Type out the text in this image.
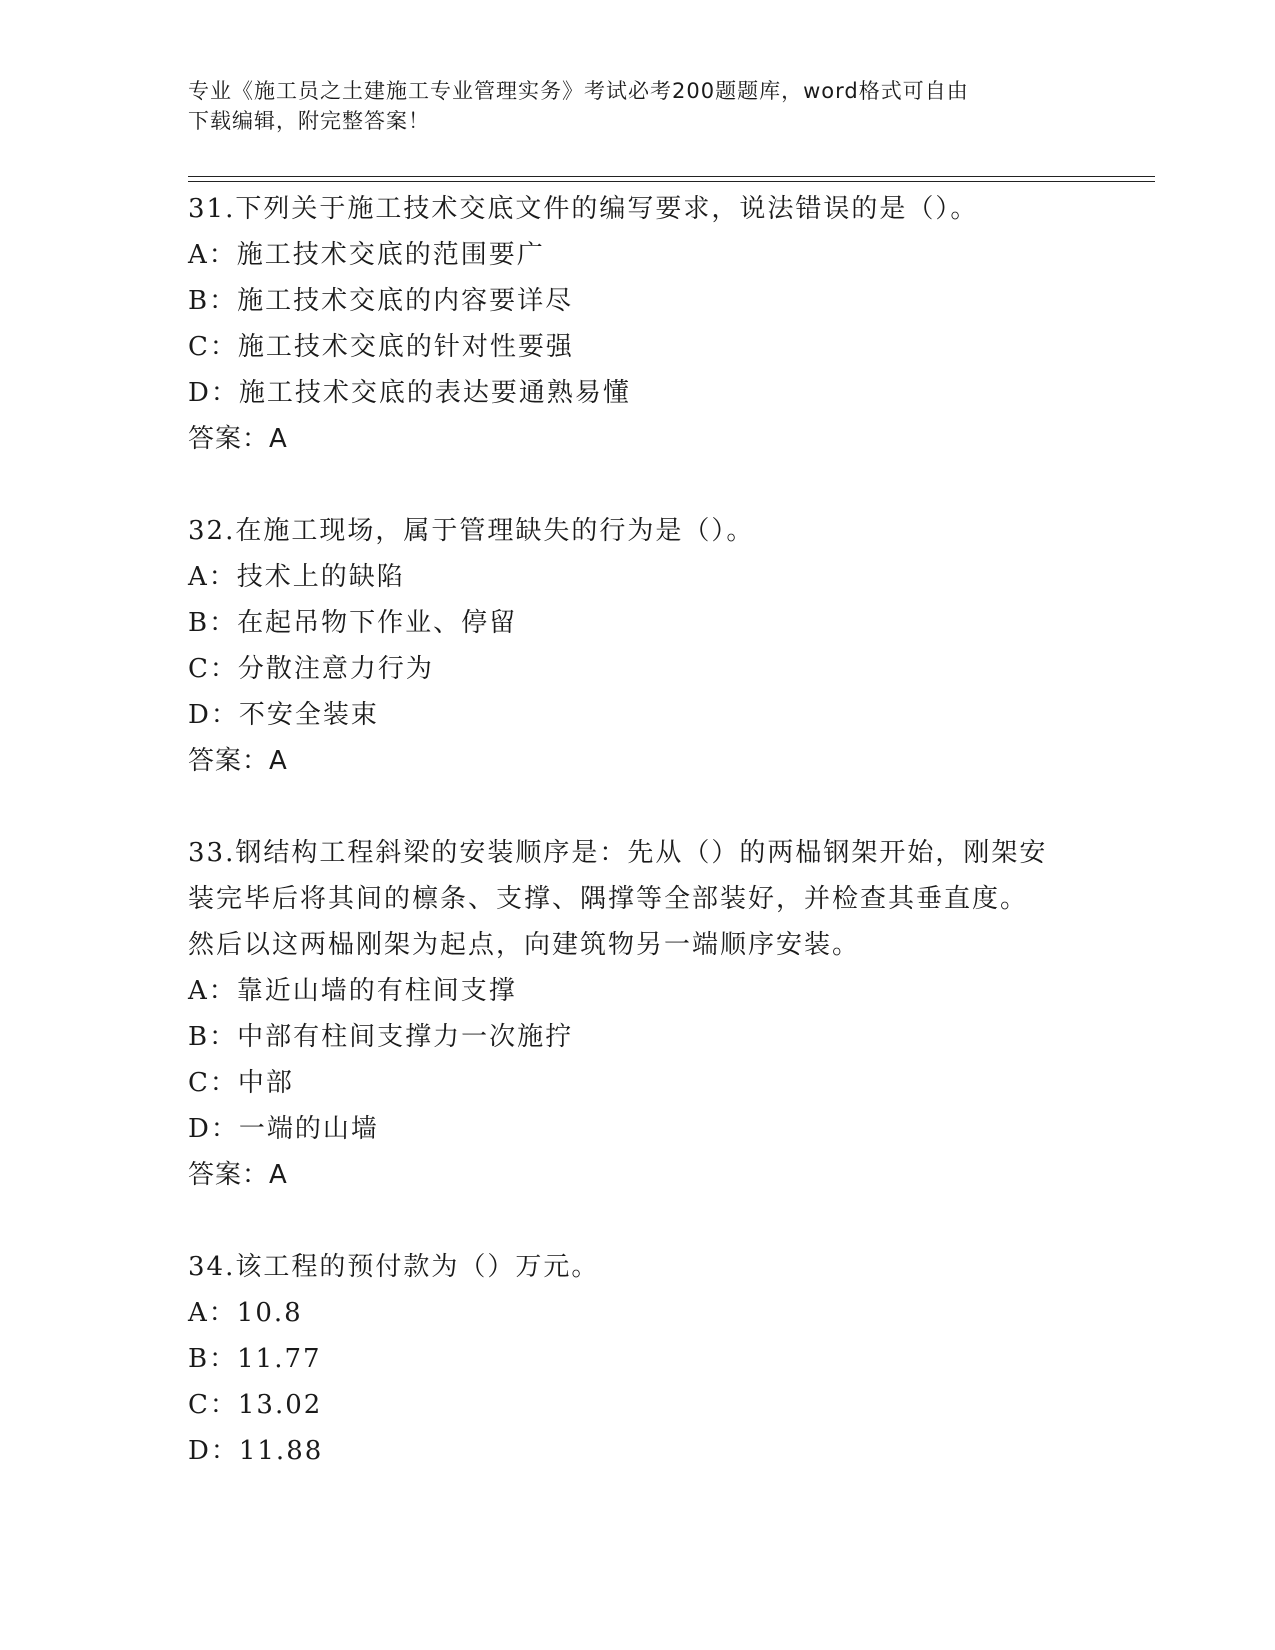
专业《施工员之土建施工专业管理实务》考试必考200题题库，word格式可自由
下载编辑，附完整答案！
31.下列关于施工技术交底文件的编写要求，说法错误的是（）。
A：施工技术交底的范围要广
B：施工技术交底的内容要详尽
C：施工技术交底的针对性要强
D：施工技术交底的表达要通熟易懂
答案：A
32.在施工现场，属于管理缺失的行为是（）。
A：技术上的缺陷
B：在起吊物下作业、停留
C：分散注意力行为
D：不安全装束
答案：A
33.钢结构工程斜梁的安装顺序是：先从（）的两榀钢架开始，刚架安
装完毕后将其间的檩条、支撑、隅撑等全部装好，并检查其垂直度。
然后以这两榀刚架为起点，向建筑物另一端顺序安装。
A：靠近山墙的有柱间支撑
B：中部有柱间支撑力一次施拧
C：中部
D：一端的山墙
答案：A
34.该工程的预付款为（）万元。
A：10.8
B：11.77
C：13.02
D：11.88
